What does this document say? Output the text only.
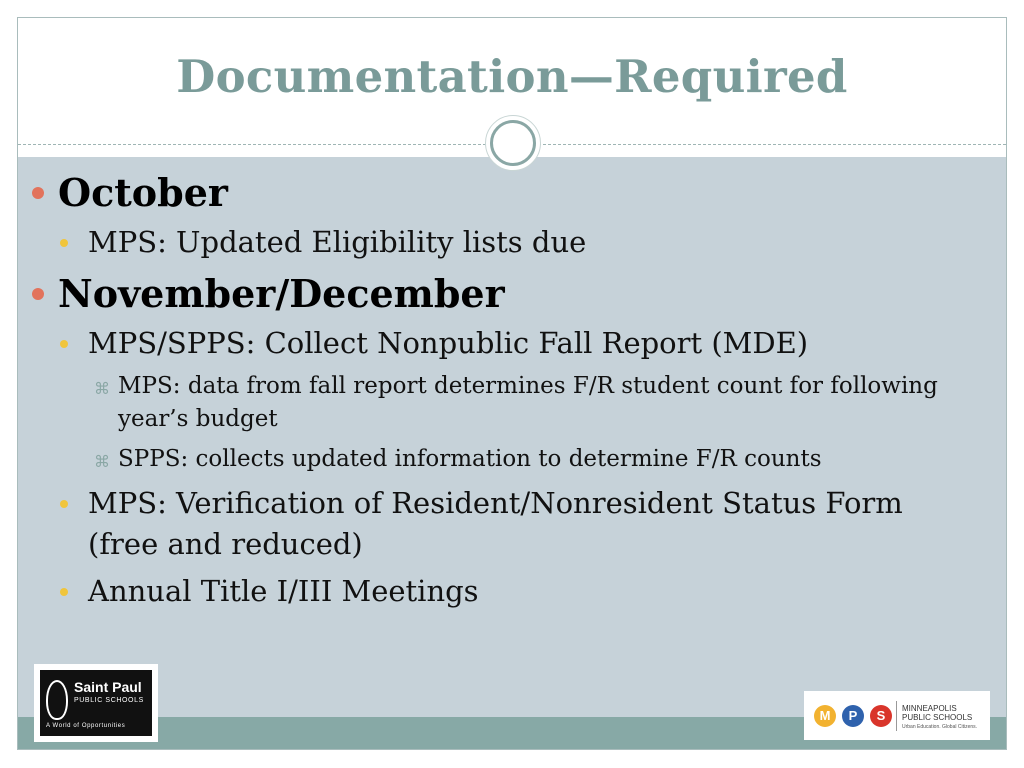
Documentation—Required
October
MPS: Updated Eligibility lists due
November/December
MPS/SPPS: Collect Nonpublic Fall Report (MDE)
⌘ MPS: data from fall report determines F/R student count for following year’s budget
⌘ SPPS: collects updated information to determine F/R counts
MPS: Verification of Resident/Nonresident Status Form (free and reduced)
Annual Title I/III Meetings
Saint Paul
PUBLIC SCHOOLS
A World of Opportunities
M	P	S	MINNEAPOLIS
PUBLIC SCHOOLS
Urban Education. Global Citizens.
